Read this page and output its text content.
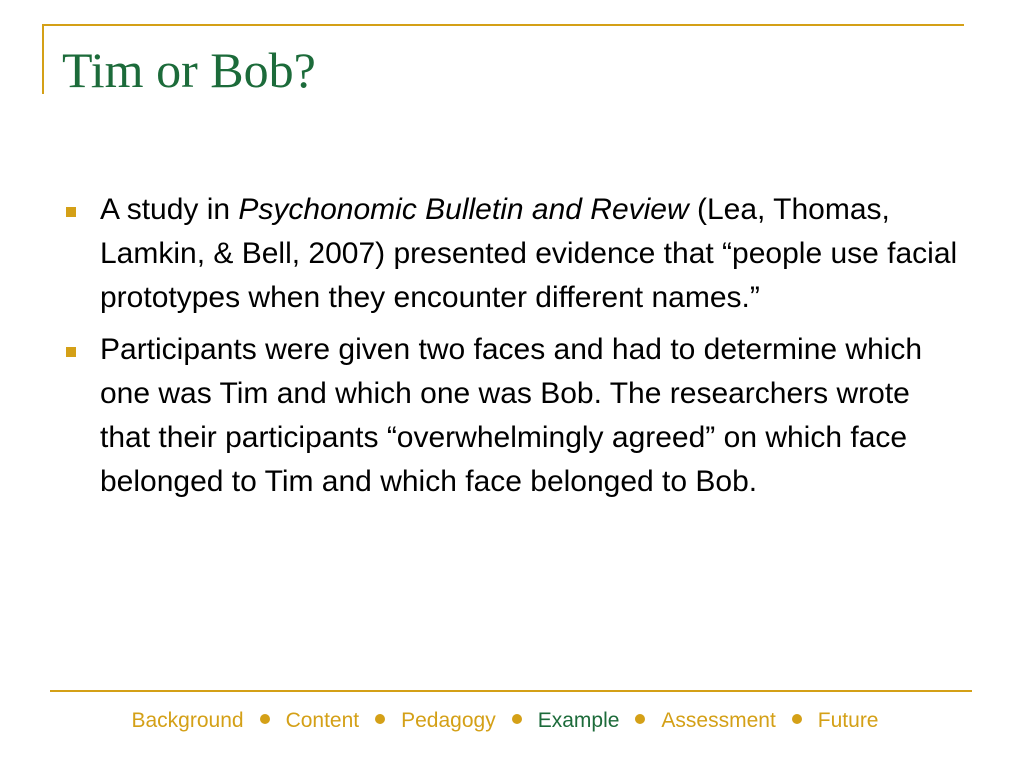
Tim or Bob?
A study in Psychonomic Bulletin and Review (Lea, Thomas, Lamkin, & Bell, 2007) presented evidence that “people use facial prototypes when they encounter different names.”
Participants were given two faces and had to determine which one was Tim and which one was Bob. The researchers wrote that their participants “overwhelmingly agreed” on which face belonged to Tim and which face belonged to Bob.
Background Content Pedagogy Example Assessment Future
